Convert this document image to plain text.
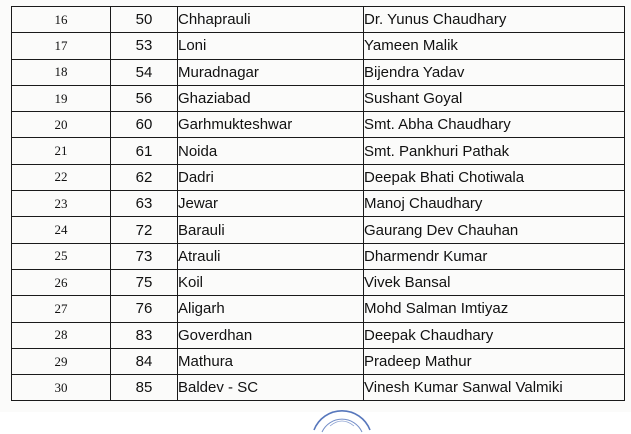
16	50	Chhaprauli	Dr. Yunus Chaudhary
17	53	Loni	Yameen Malik
18	54	Muradnagar	Bijendra Yadav
19	56	Ghaziabad	Sushant Goyal
20	60	Garhmukteshwar	Smt. Abha Chaudhary
21	61	Noida	Smt. Pankhuri Pathak
22	62	Dadri	Deepak Bhati Chotiwala
23	63	Jewar	Manoj Chaudhary
24	72	Barauli	Gaurang Dev Chauhan
25	73	Atrauli	Dharmendr Kumar
26	75	Koil	Vivek Bansal
27	76	Aligarh	Mohd Salman Imtiyaz
28	83	Goverdhan	Deepak Chaudhary
29	84	Mathura	Pradeep Mathur
30	85	Baldev - SC	Vinesh Kumar Sanwal Valmiki
